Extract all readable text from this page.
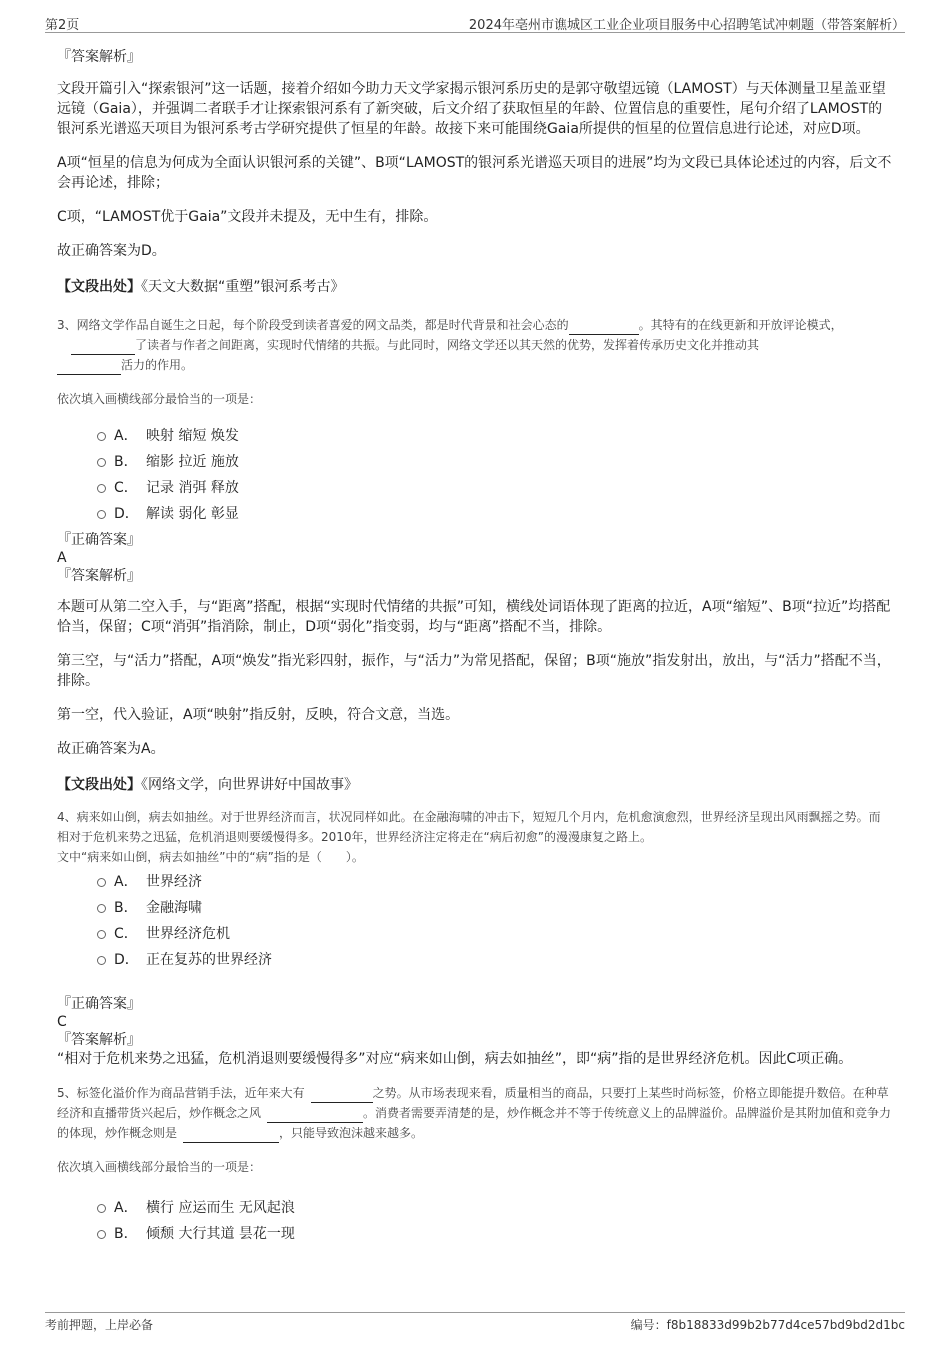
第2页	2024年亳州市谯城区工业企业项目服务中心招聘笔试冲刺题（带答案解析）
『答案解析』

文段开篇引入“探索银河”这一话题，接着介绍如今助力天文学家揭示银河系历史的是郭守敬望远镜（LAMOST）与天体测量卫星盖亚望远镜（Gaia），并强调二者联手才让探索银河系有了新突破，后文介绍了获取恒星的年龄、位置信息的重要性，尾句介绍了LAMOST的银河系光谱巡天项目为银河系考古学研究提供了恒星的年龄。故接下来可能围绕Gaia所提供的恒星的位置信息进行论述，对应D项。

A项“恒星的信息为何成为全面认识银河系的关键”、B项“LAMOST的银河系光谱巡天项目的进展”均为文段已具体论述过的内容，后文不会再论述，排除；

C项，“LAMOST优于Gaia”文段并未提及，无中生有，排除。

故正确答案为D。

【文段出处】《天文大数据“重塑”银河系考古》

3、网络文学作品自诞生之日起，每个阶段受到读者喜爱的网文品类，都是时代背景和社会心态的	。其特有的在线更新和开放评论模式，了读者与作者之间距离，实现时代情绪的共振。与此同时，网络文学还以其天然的优势，发挥着传承历史文化并推动其
活力的作用。

依次填入画横线部分最恰当的一项是：

A． 映射 缩短 焕发
B． 缩影 拉近 施放
C． 记录 消弭 释放
D． 解读 弱化 彰显
『正确答案』
A
『答案解析』

本题可从第二空入手，与“距离”搭配，根据“实现时代情绪的共振”可知，横线处词语体现了距离的拉近，A项“缩短”、B项“拉近”均搭配恰当，保留；C项“消弭”指消除，制止，D项“弱化”指变弱，均与“距离”搭配不当，排除。

第三空，与“活力”搭配，A项“焕发”指光彩四射，振作，与“活力”为常见搭配，保留；B项“施放”指发射出，放出，与“活力”搭配不当，排除。

第一空，代入验证，A项“映射”指反射，反映，符合文意，当选。

故正确答案为A。

【文段出处】《网络文学，向世界讲好中国故事》

4、病来如山倒，病去如抽丝。对于世界经济而言，状况同样如此。在金融海啸的冲击下，短短几个月内，危机愈演愈烈，世界经济呈现出风雨飘摇之势。而相对于危机来势之迅猛，危机消退则要缓慢得多。2010年，世界经济注定将走在“病后初愈”的漫漫康复之路上。

文中“病来如山倒，病去如抽丝”中的“病”指的是（　　）。

A． 世界经济
B． 金融海啸
C． 世界经济危机
D． 正在复苏的世界经济
『正确答案』
C
『答案解析』

“相对于危机来势之迅猛，危机消退则要缓慢得多”对应“病来如山倒，病去如抽丝”，即“病”指的是世界经济危机。因此C项正确。

5、标签化溢价作为商品营销手法，近年来大有	之势。从市场表现来看，质量相当的商品，只要打上某些时尚标签，价格立即能提升数倍。在种草经济和直播带货兴起后，炒作概念之风	。消费者需要弄清楚的是，炒作概念并不等于传统意义上的品牌溢价。品牌溢价是其附加值和竞争力的体现，炒作概念则是	，只能导致泡沫越来越多。

依次填入画横线部分最恰当的一项是：

A． 横行 应运而生 无风起浪
B． 倾颓 大行其道 昙花一现
考前押题，上岸必备	编号：f8b18833d99b2b77d4ce57bd9bd2d1bc
